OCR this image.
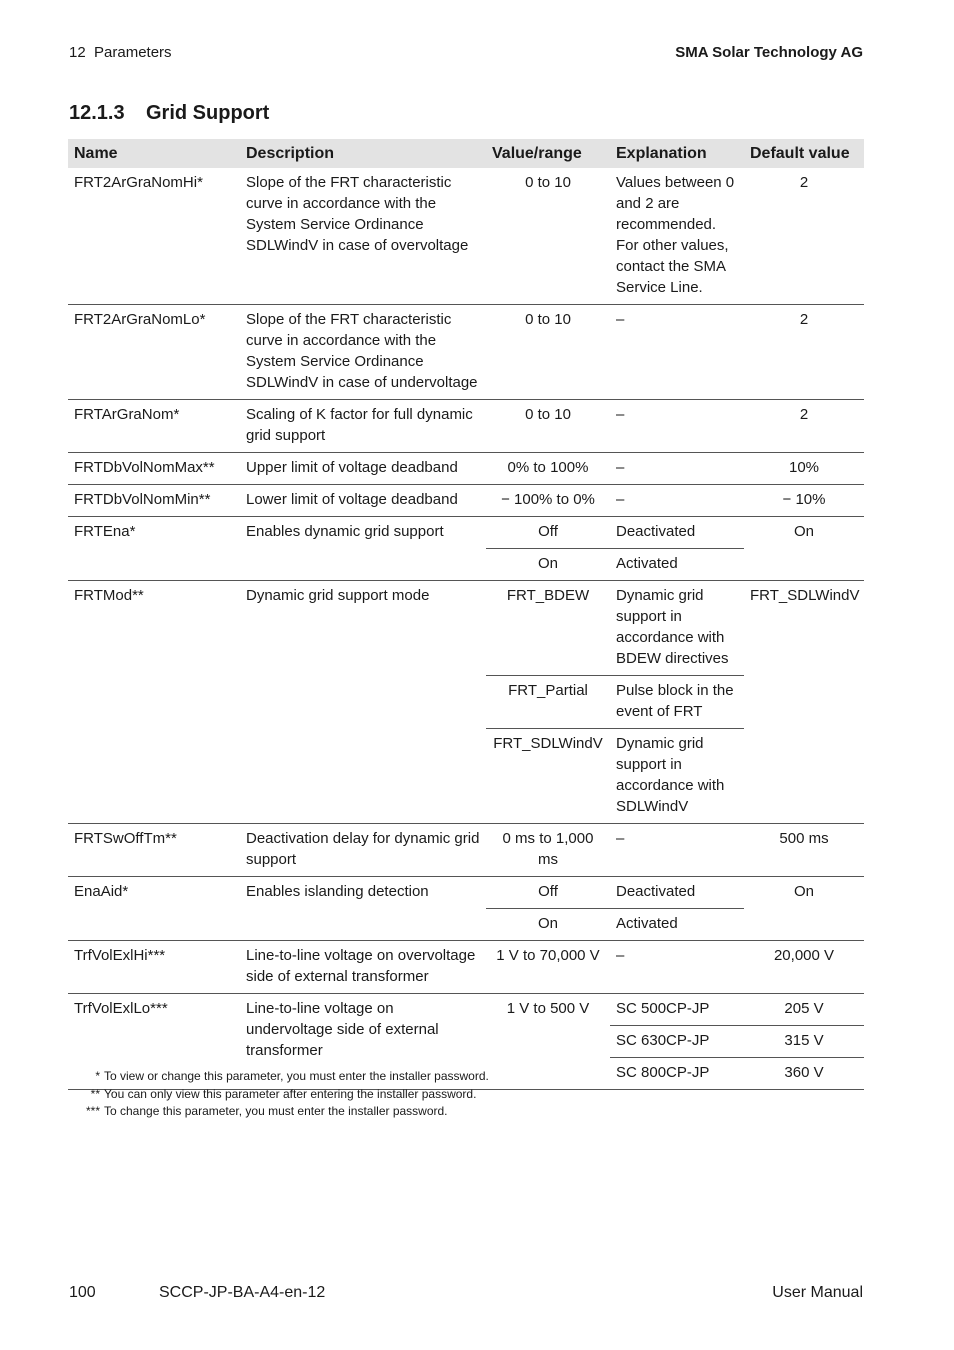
12  Parameters	SMA Solar Technology AG
12.1.3 Grid Support
Name	Description	Value/range	Explanation	Default value
FRT2ArGraNomHi*	Slope of the FRT characteristic curve in accordance with the System Service Ordinance SDLWindV in case of overvoltage	0 to 10	Values between 0 and 2 are recommended. For other values, contact the SMA Service Line.	2
FRT2ArGraNomLo*	Slope of the FRT characteristic curve in accordance with the System Service Ordinance SDLWindV in case of undervoltage	0 to 10	–	2
FRTArGraNom*	Scaling of K factor for full dynamic grid support	0 to 10	–	2
FRTDbVolNomMax**	Upper limit of voltage deadband	0% to 100%	–	10%
FRTDbVolNomMin**	Lower limit of voltage deadband	− 100% to 0%	–	− 10%
FRTEna*	Enables dynamic grid support	Off	Deactivated	On
		On	Activated	
FRTMod**	Dynamic grid support mode	FRT_BDEW	Dynamic grid support in accordance with BDEW directives	FRT_SDLWindV
		FRT_Partial	Pulse block in the event of FRT	
		FRT_SDLWindV	Dynamic grid support in accordance with SDLWindV	
FRTSwOffTm**	Deactivation delay for dynamic grid support	0 ms to 1,000 ms	–	500 ms
EnaAid*	Enables islanding detection	Off	Deactivated	On
		On	Activated	
TrfVolExlHi***	Line-to-line voltage on overvoltage side of external transformer	1 V to 70,000 V	–	20,000 V
TrfVolExlLo***	Line-to-line voltage on undervoltage side of external transformer	1 V to 500 V	SC 500CP-JP	205 V
			SC 630CP-JP	315 V
			SC 800CP-JP	360 V
* To view or change this parameter, you must enter the installer password.
** You can only view this parameter after entering the installer password.
*** To change this parameter, you must enter the installer password.
100	SCCP-JP-BA-A4-en-12	User Manual
